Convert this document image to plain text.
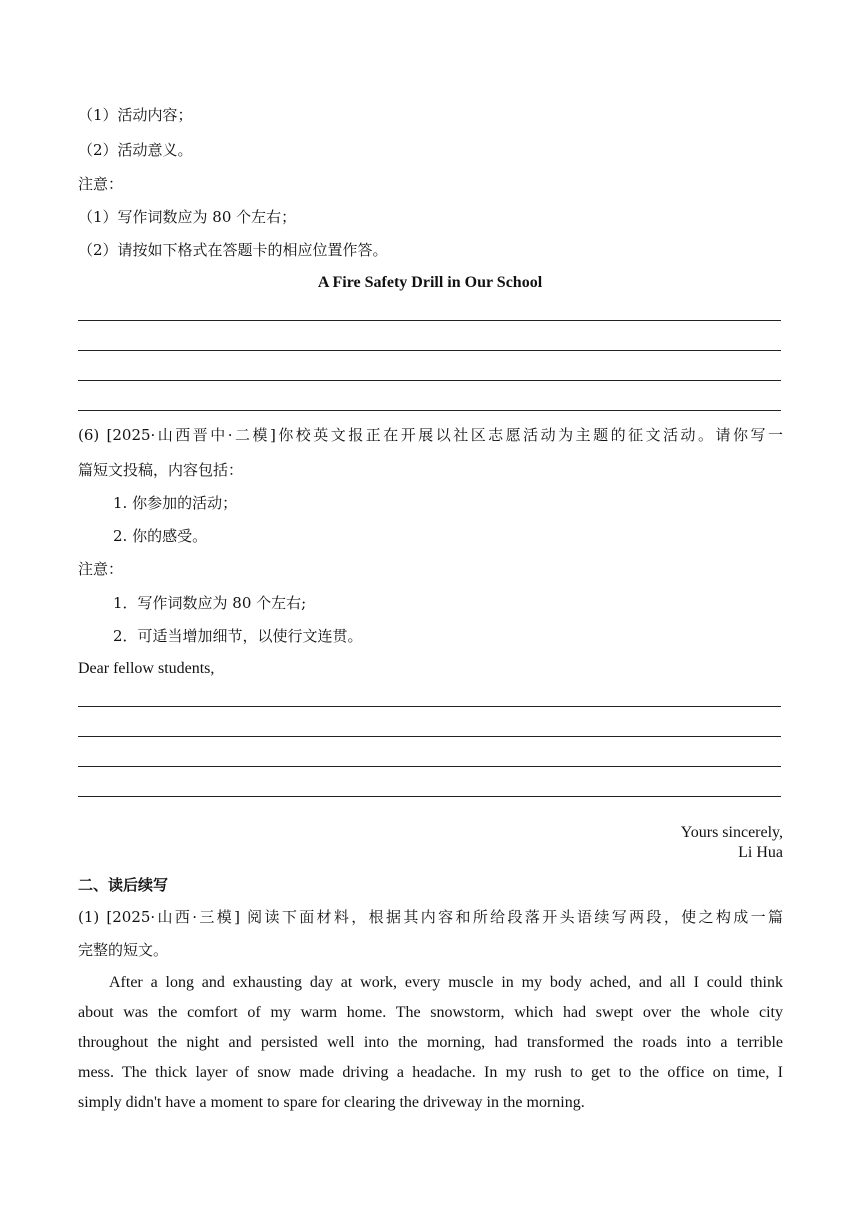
（1）活动内容；
（2）活动意义。
注意：
（1）写作词数应为 80 个左右；
（2）请按如下格式在答题卡的相应位置作答。
A Fire Safety Drill in Our School
(6) [2025·山西晋中·二模]你校英文报正在开展以社区志愿活动为主题的征文活动。请你写一
篇短文投稿，内容包括：
1. 你参加的活动；
2. 你的感受。
注意：
1．写作词数应为 80 个左右;
2．可适当增加细节，以使行文连贯。
Dear fellow students,
Yours sincerely,
Li Hua
二、读后续写
(1) [2025·山西·三模] 阅读下面材料，根据其内容和所给段落开头语续写两段，使之构成一篇
完整的短文。
After a long and exhausting day at work, every muscle in my body ached, and all I could think
about was the comfort of my warm home. The snowstorm, which had swept over the whole city
throughout the night and persisted well into the morning, had transformed the roads into a terrible
mess. The thick layer of snow made driving a headache. In my rush to get to the office on time, I
simply didn't have a moment to spare for clearing the driveway in the morning.
